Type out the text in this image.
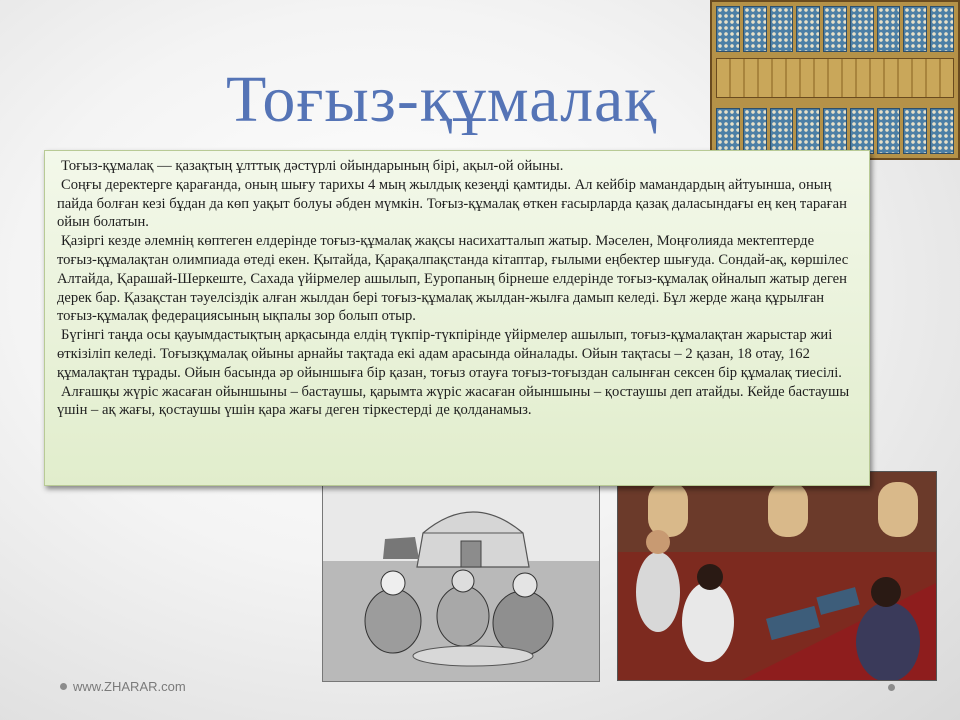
Тоғыз-құмалақ

Тоғыз-құмалақ — қазақтың ұлттық дәстүрлі ойындарының бірі, ақыл-ой ойыны.

Соңғы деректерге қарағанда, оның шығу тарихы 4 мың жылдық кезеңді қамтиды. Ал кейбір мамандардың айтуынша, оның пайда болған кезі бұдан да көп уақыт болуы әбден мүмкін. Тоғыз-құмалақ өткен ғасырларда қазақ даласындағы ең кең тараған ойын болатын.

Қазіргі кезде әлемнің көптеген елдерінде тоғыз-құмалақ жақсы насихатталып жатыр. Мәселен, Моңғолияда мектептерде тоғыз-құмалақтан олимпиада өтеді екен. Қытайда, Қарақалпақстанда кітаптар, ғылыми еңбектер шығуда. Сондай-ақ, көршілес Алтайда, Қарашай-Шеркеште, Сахада үйірмелер ашылып, Еуропаның бірнеше елдерінде тоғыз-құмалақ ойналып жатыр деген дерек бар. Қазақстан тәуелсіздік алған жылдан бері тоғыз-құмалақ жылдан-жылға дамып келеді. Бұл жерде жаңа құрылған тоғыз-құмалақ федерациясының ықпалы зор болып отыр.

Бүгінгі таңда осы қауымдастықтың арқасында елдің түкпір-түкпірінде үйірмелер ашылып, тоғыз-құмалақтан жарыстар жиі өткізіліп келеді. Тоғызқұмалақ ойыны арнайы тақтада екі адам арасында ойналады. Ойын тақтасы – 2 қазан, 18 отау, 162 құмалақтан тұрады. Ойын басында әр ойыншыға бір қазан, тоғыз отауға тоғыз-тоғыздан салынған сексен бір құмалақ тиесілі.

Алғашқы жүріс жасаған ойыншыны – бастаушы, қарымта жүріс жасаған ойыншыны – қостаушы деп атайды. Кейде бастаушы үшін – ақ жағы, қостаушы үшін қара жағы деген тіркестерді де қолданамыз.

www.ZHARAR.com
